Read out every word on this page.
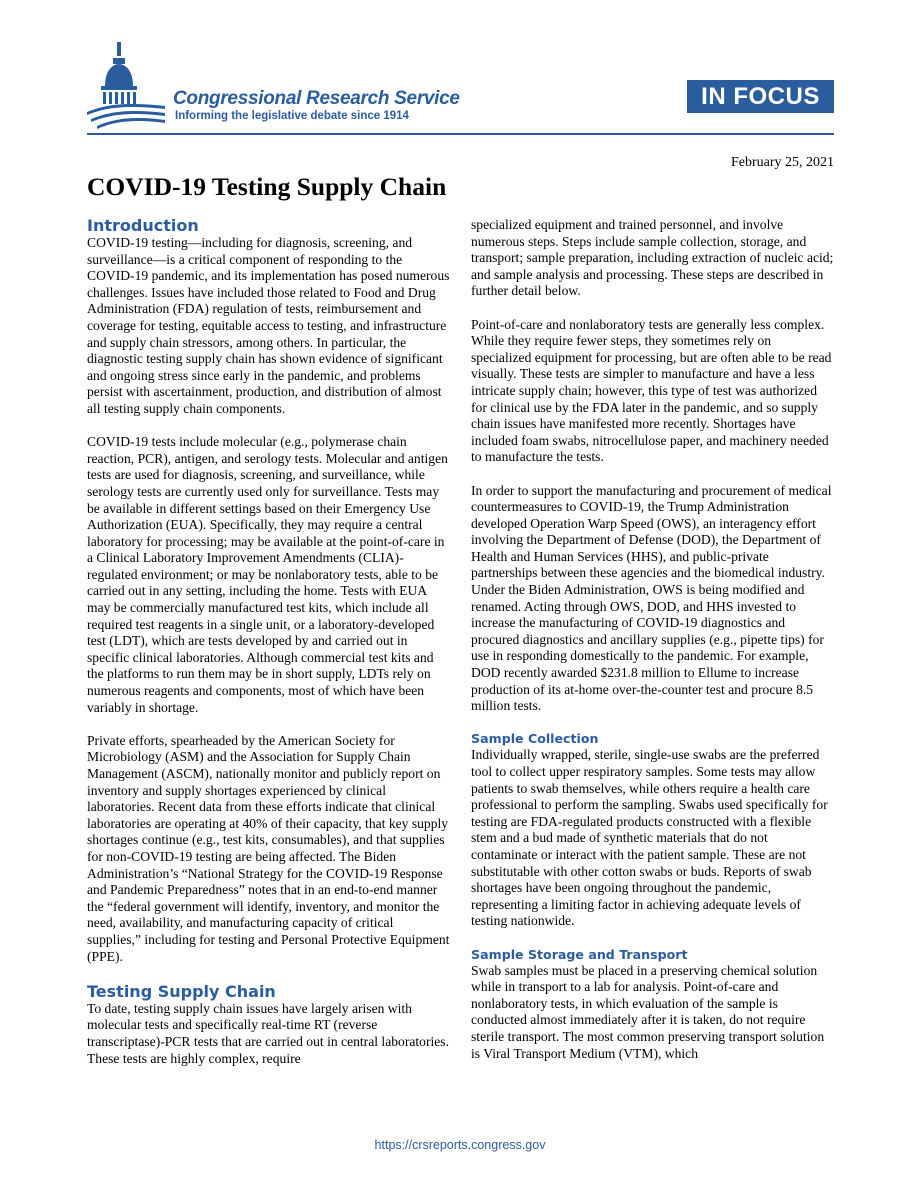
Congressional Research Service
Informing the legislative debate since 1914
IN FOCUS
February 25, 2021
COVID-19 Testing Supply Chain
Introduction

COVID-19 testing—including for diagnosis, screening, and surveillance—is a critical component of responding to the COVID-19 pandemic, and its implementation has posed numerous challenges. Issues have included those related to Food and Drug Administration (FDA) regulation of tests, reimbursement and coverage for testing, equitable access to testing, and infrastructure and supply chain stressors, among others. In particular, the diagnostic testing supply chain has shown evidence of significant and ongoing stress since early in the pandemic, and problems persist with ascertainment, production, and distribution of almost all testing supply chain components.

COVID-19 tests include molecular (e.g., polymerase chain reaction, PCR), antigen, and serology tests. Molecular and antigen tests are used for diagnosis, screening, and surveillance, while serology tests are currently used only for surveillance. Tests may be available in different settings based on their Emergency Use Authorization (EUA). Specifically, they may require a central laboratory for processing; may be available at the point-of-care in a Clinical Laboratory Improvement Amendments (CLIA)-regulated environment; or may be nonlaboratory tests, able to be carried out in any setting, including the home. Tests with EUA may be commercially manufactured test kits, which include all required test reagents in a single unit, or a laboratory-developed test (LDT), which are tests developed by and carried out in specific clinical laboratories. Although commercial test kits and the platforms to run them may be in short supply, LDTs rely on numerous reagents and components, most of which have been variably in shortage.

Private efforts, spearheaded by the American Society for Microbiology (ASM) and the Association for Supply Chain Management (ASCM), nationally monitor and publicly report on inventory and supply shortages experienced by clinical laboratories. Recent data from these efforts indicate that clinical laboratories are operating at 40% of their capacity, that key supply shortages continue (e.g., test kits, consumables), and that supplies for non-COVID-19 testing are being affected. The Biden Administration’s “National Strategy for the COVID-19 Response and Pandemic Preparedness” notes that in an end-to-end manner the “federal government will identify, inventory, and monitor the need, availability, and manufacturing capacity of critical supplies,” including for testing and Personal Protective Equipment (PPE).

Testing Supply Chain

To date, testing supply chain issues have largely arisen with molecular tests and specifically real-time RT (reverse transcriptase)-PCR tests that are carried out in central laboratories. These tests are highly complex, require

specialized equipment and trained personnel, and involve numerous steps. Steps include sample collection, storage, and transport; sample preparation, including extraction of nucleic acid; and sample analysis and processing. These steps are described in further detail below.

Point-of-care and nonlaboratory tests are generally less complex. While they require fewer steps, they sometimes rely on specialized equipment for processing, but are often able to be read visually. These tests are simpler to manufacture and have a less intricate supply chain; however, this type of test was authorized for clinical use by the FDA later in the pandemic, and so supply chain issues have manifested more recently. Shortages have included foam swabs, nitrocellulose paper, and machinery needed to manufacture the tests.

In order to support the manufacturing and procurement of medical countermeasures to COVID-19, the Trump Administration developed Operation Warp Speed (OWS), an interagency effort involving the Department of Defense (DOD), the Department of Health and Human Services (HHS), and public-private partnerships between these agencies and the biomedical industry. Under the Biden Administration, OWS is being modified and renamed. Acting through OWS, DOD, and HHS invested to increase the manufacturing of COVID-19 diagnostics and procured diagnostics and ancillary supplies (e.g., pipette tips) for use in responding domestically to the pandemic. For example, DOD recently awarded $231.8 million to Ellume to increase production of its at-home over-the-counter test and procure 8.5 million tests.

Sample Collection

Individually wrapped, sterile, single-use swabs are the preferred tool to collect upper respiratory samples. Some tests may allow patients to swab themselves, while others require a health care professional to perform the sampling. Swabs used specifically for testing are FDA-regulated products constructed with a flexible stem and a bud made of synthetic materials that do not contaminate or interact with the patient sample. These are not substitutable with other cotton swabs or buds. Reports of swab shortages have been ongoing throughout the pandemic, representing a limiting factor in achieving adequate levels of testing nationwide.

Sample Storage and Transport

Swab samples must be placed in a preserving chemical solution while in transport to a lab for analysis. Point-of-care and nonlaboratory tests, in which evaluation of the sample is conducted almost immediately after it is taken, do not require sterile transport. The most common preserving transport solution is Viral Transport Medium (VTM), which

https://crsreports.congress.gov
